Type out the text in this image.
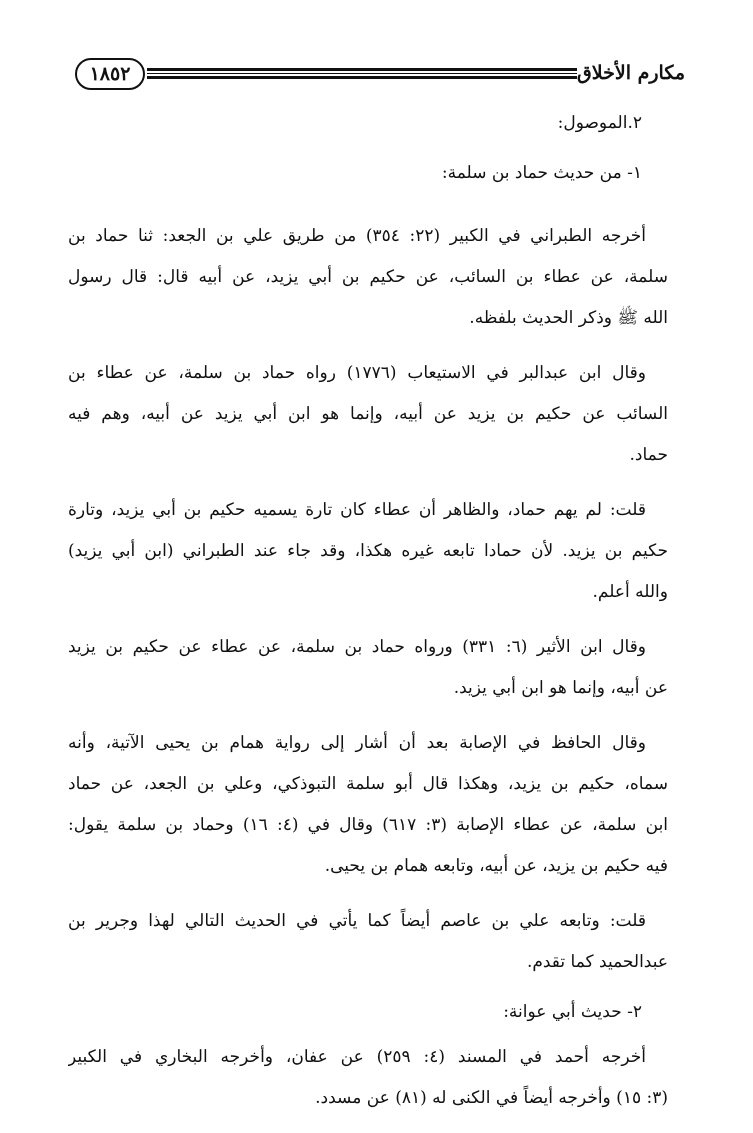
مكارم الأخلاق
١٨٥٢
٢.الموصول:
١- من حديث حماد بن سلمة:
أخرجه الطبراني في الكبير (٢٢: ٣٥٤) من طريق علي بن الجعد: ثنا حماد بن
سلمة، عن عطاء بن السائب، عن حكيم بن أبي يزيد، عن أبيه قال: قال رسول
الله ﷺ وذكر الحديث بلفظه.
وقال ابن عبدالبر في الاستيعاب (١٧٧٦) رواه حماد بن سلمة، عن عطاء بن
السائب عن حكيم بن يزيد عن أبيه، وإنما هو ابن أبي يزيد عن أبيه، وهم فيه
حماد.
قلت: لم يهم حماد، والظاهر أن عطاء كان تارة يسميه حكيم بن أبي يزيد، وتارة
حكيم بن يزيد. لأن حمادا تابعه غيره هكذا، وقد جاء عند الطبراني (ابن أبي يزيد)
والله أعلم.
وقال ابن الأثير (٦: ٣٣١) ورواه حماد بن سلمة، عن عطاء عن حكيم بن يزيد
عن أبيه، وإنما هو ابن أبي يزيد.
وقال الحافظ في الإصابة بعد أن أشار إلى رواية همام بن يحيى الآتية، وأنه
سماه، حكيم بن يزيد، وهكذا قال أبو سلمة التبوذكي، وعلي بن الجعد، عن حماد
ابن سلمة، عن عطاء الإصابة (٣: ٦١٧) وقال في (٤: ١٦) وحماد بن سلمة يقول:
فيه حكيم بن يزيد، عن أبيه، وتابعه همام بن يحيى.
قلت: وتابعه علي بن عاصم أيضاً كما يأتي في الحديث التالي لهذا وجرير بن
عبدالحميد كما تقدم.
٢- حديث أبي عوانة:
أخرجه أحمد في المسند (٤: ٢٥٩) عن عفان، وأخرجه البخاري في الكبير
(٣: ١٥) وأخرجه أيضاً في الكنى له (٨١) عن مسدد.
